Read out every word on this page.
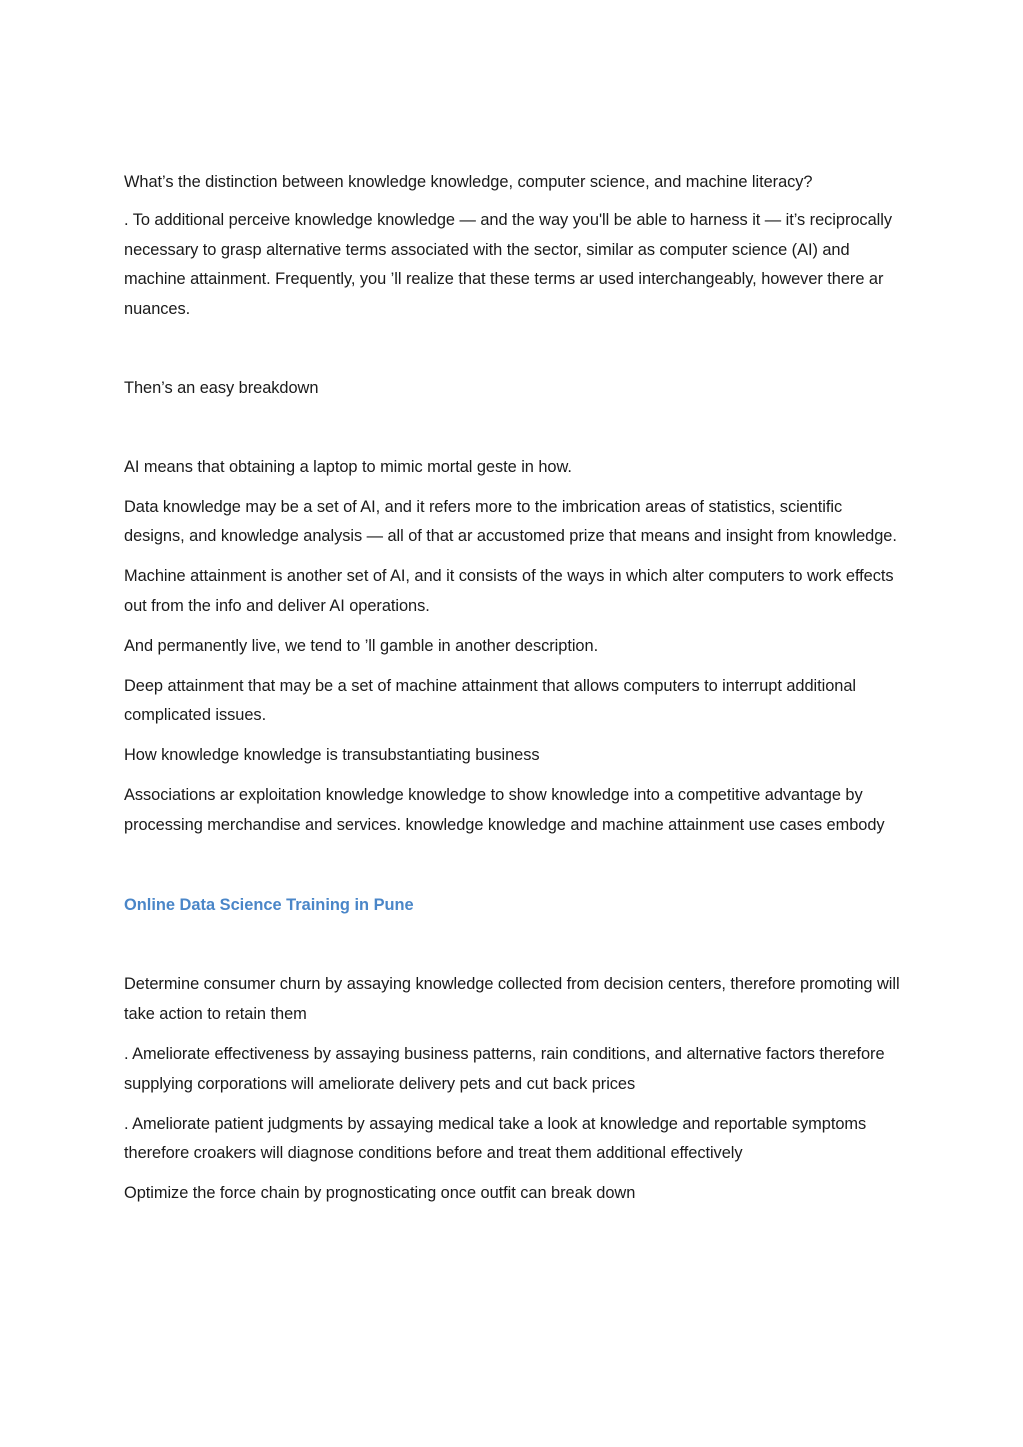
What’s the distinction between knowledge knowledge, computer science, and machine literacy?

. To additional perceive knowledge knowledge — and the way you'll be able to harness it — it’s reciprocally necessary to grasp alternative terms associated with the sector, similar as computer science (AI) and machine attainment. Frequently, you ’ll realize that these terms ar used interchangeably, however there ar nuances.

Then’s an easy breakdown

AI means that obtaining a laptop to mimic mortal geste in how.

Data knowledge may be a set of AI, and it refers more to the imbrication areas of statistics, scientific designs, and knowledge analysis — all of that ar accustomed prize that means and insight from knowledge.

Machine attainment is another set of AI, and it consists of the ways in which alter computers to work effects out from the info and deliver AI operations.

And permanently live, we tend to ’ll gamble in another description.

Deep attainment that may be a set of machine attainment that allows computers to interrupt additional complicated issues.

How knowledge knowledge is transubstantiating business

Associations ar exploitation knowledge knowledge to show knowledge into a competitive advantage by processing merchandise and services. knowledge knowledge and machine attainment use cases embody

Online Data Science Training in Pune

Determine consumer churn by assaying knowledge collected from decision centers, therefore promoting will take action to retain them

. Ameliorate effectiveness by assaying business patterns, rain conditions, and alternative factors therefore supplying corporations will ameliorate delivery pets and cut back prices

. Ameliorate patient judgments by assaying medical take a look at knowledge and reportable symptoms therefore croakers will diagnose conditions before and treat them additional effectively

Optimize the force chain by prognosticating once outfit can break down
